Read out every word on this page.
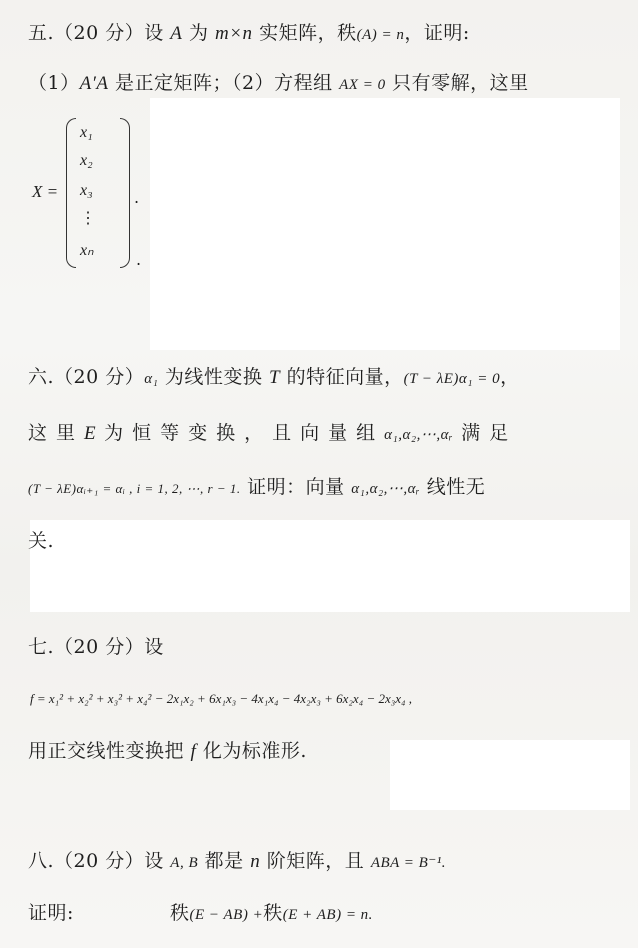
五.（20 分）设 A 为 m×n 实矩阵，秩(A) = n，证明:
（1）A′A 是正定矩阵；（2）方程组 AX = 0 只有零解，这里
X =
x₁
x₂
x₃
⋮
xₙ
.
.
六.（20 分）α₁ 为线性变换 T 的特征向量，(T − λE)α₁ = 0，
这里E 为恒等变换，且向量组α₁,α₂,⋯,αᵣ 满足
(T − λE)αᵢ₊₁ = αᵢ , i = 1, 2, ⋯, r − 1. 证明：向量 α₁,α₂,⋯,αᵣ 线性无
关.
七.（20 分）设
f = x₁² + x₂² + x₃² + x₄² − 2x₁x₂ + 6x₁x₃ − 4x₁x₄ − 4x₂x₃ + 6x₂x₄ − 2x₃x₄ ,
用正交线性变换把 f 化为标准形.
八.（20 分）设 A, B 都是 n 阶矩阵，且 ABA = B⁻¹.
证明:	秩(E − AB) +秩(E + AB) = n.
